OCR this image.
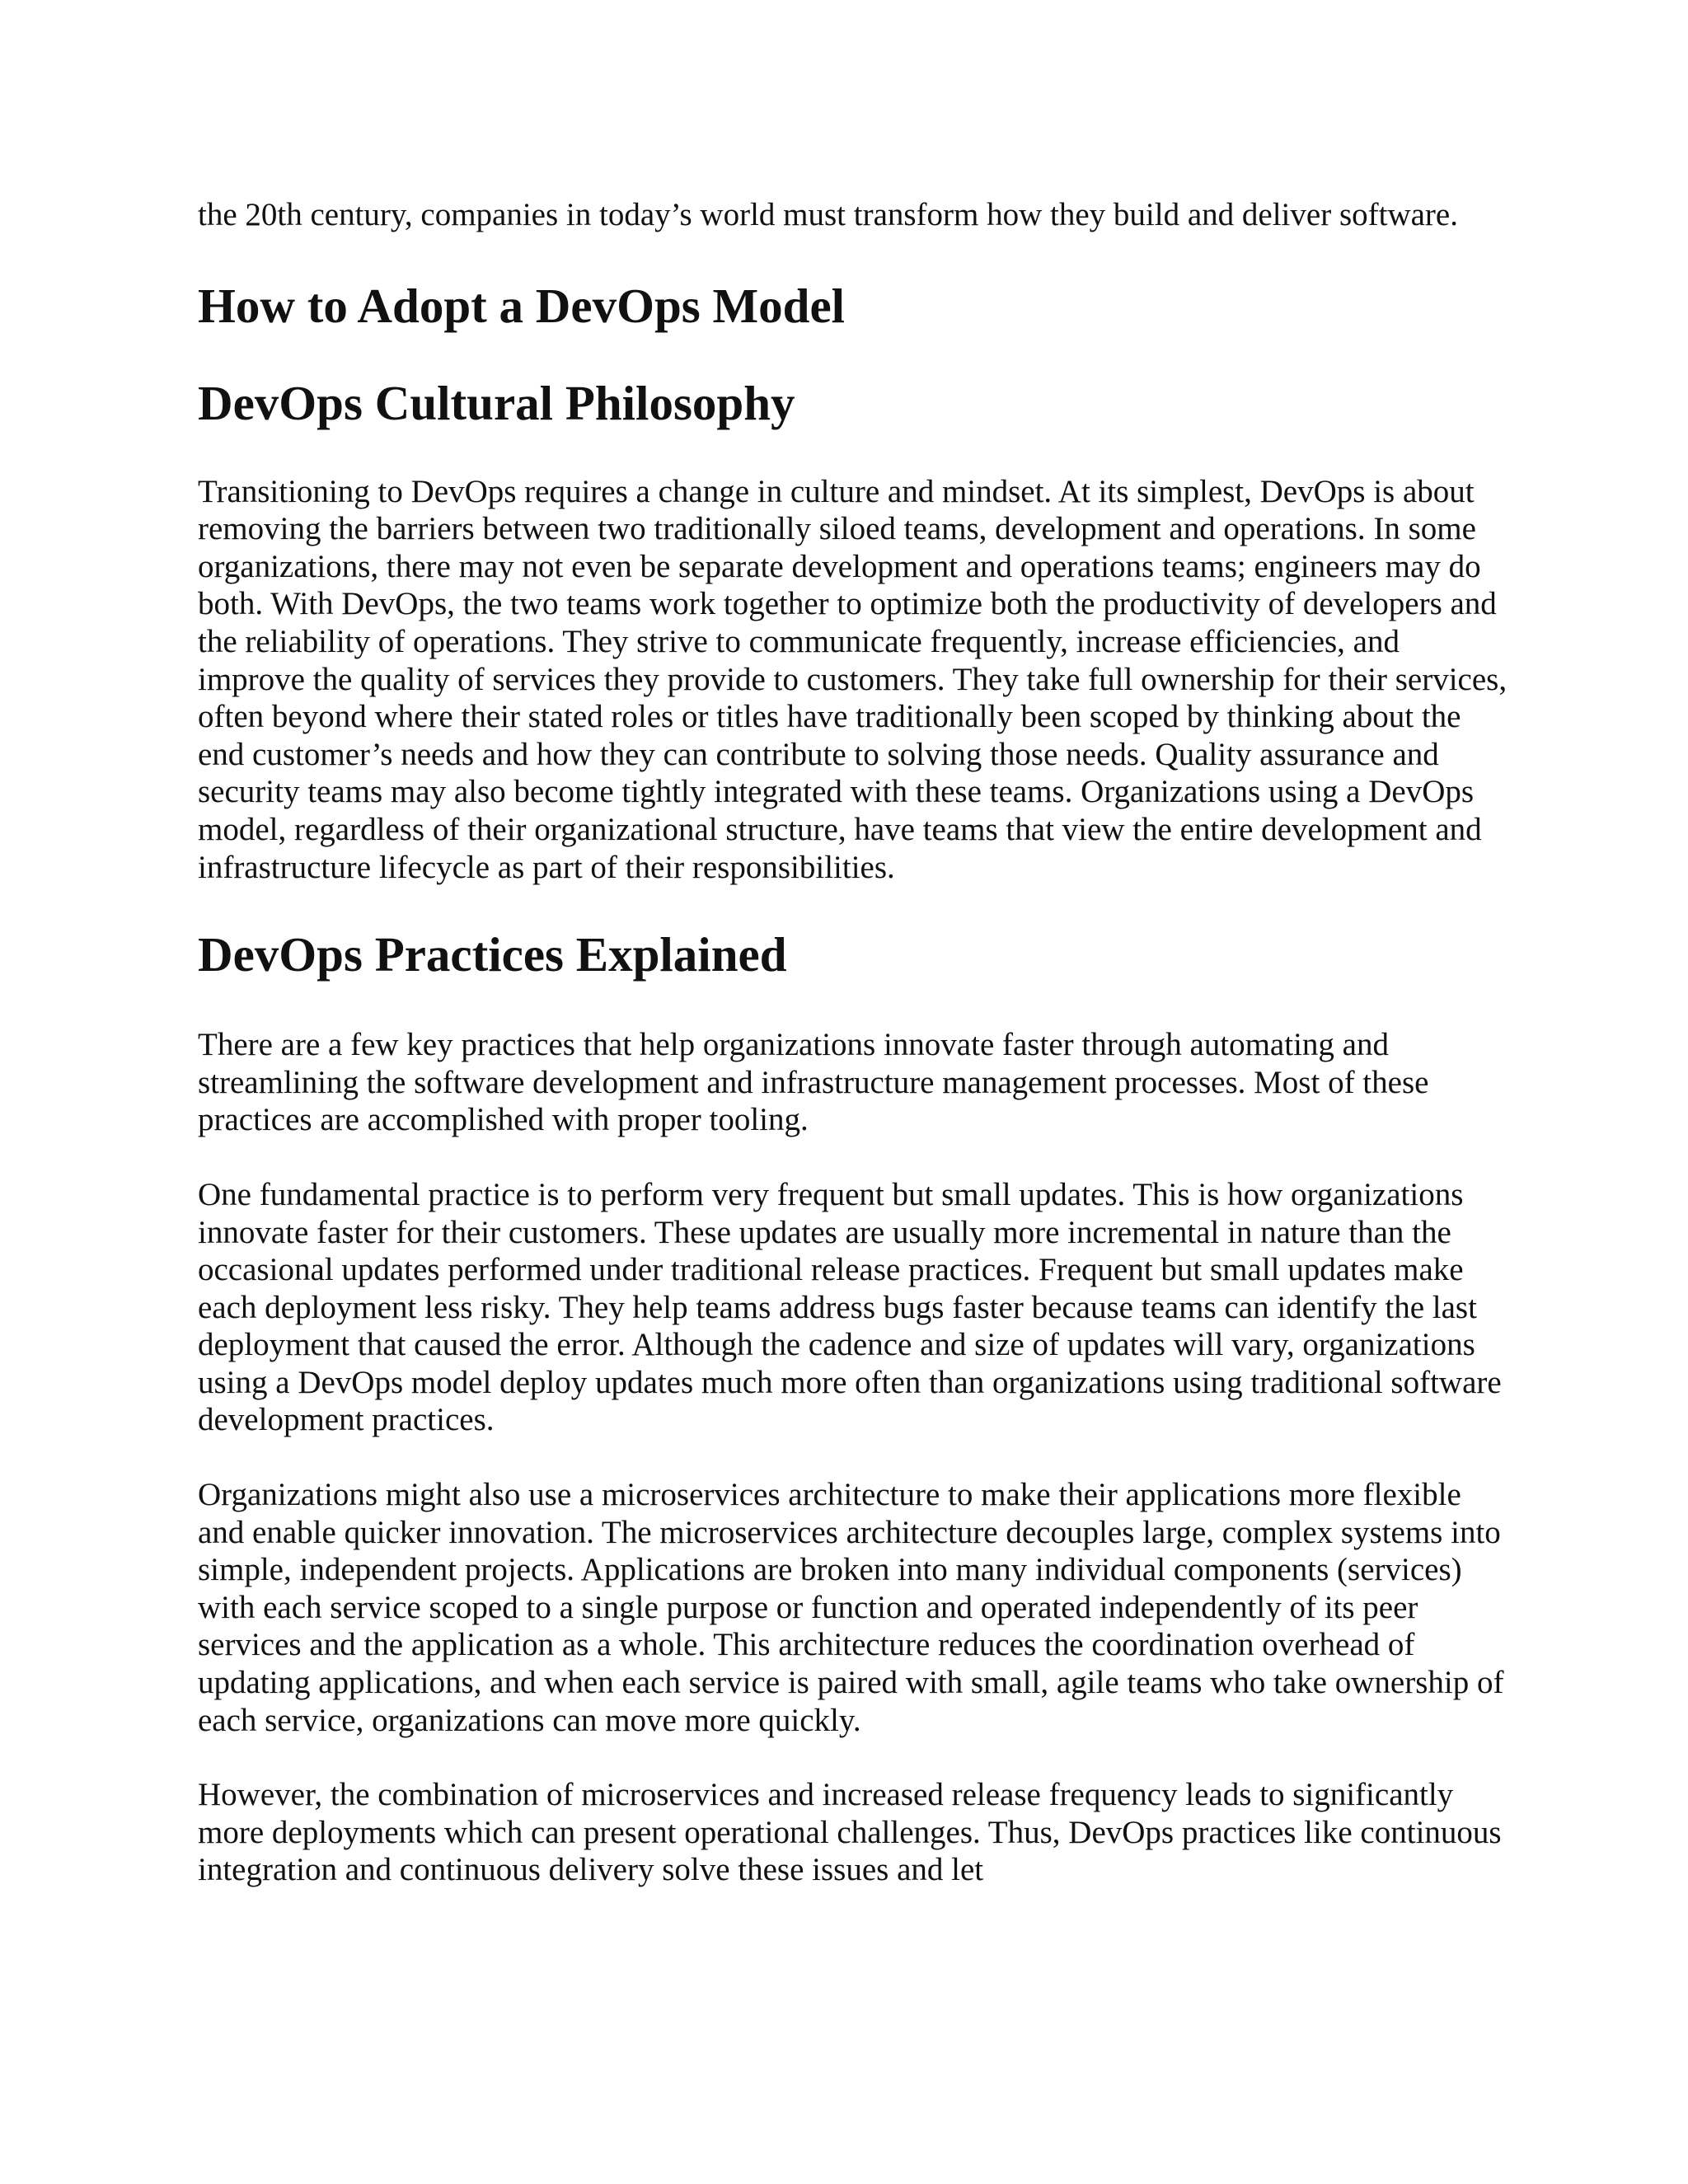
the 20th century, companies in today’s world must transform how they build and deliver software.

How to Adopt a DevOps Model
DevOps Cultural Philosophy

Transitioning to DevOps requires a change in culture and mindset. At its simplest, DevOps is about removing the barriers between two traditionally siloed teams, development and operations. In some organizations, there may not even be separate development and operations teams; engineers may do both. With DevOps, the two teams work together to optimize both the productivity of developers and the reliability of operations. They strive to communicate frequently, increase efficiencies, and improve the quality of services they provide to customers. They take full ownership for their services, often beyond where their stated roles or titles have traditionally been scoped by thinking about the end customer’s needs and how they can contribute to solving those needs. Quality assurance and security teams may also become tightly integrated with these teams. Organizations using a DevOps model, regardless of their organizational structure, have teams that view the entire development and infrastructure lifecycle as part of their responsibilities.

DevOps Practices Explained

There are a few key practices that help organizations innovate faster through automating and streamlining the software development and infrastructure management processes. Most of these practices are accomplished with proper tooling.

One fundamental practice is to perform very frequent but small updates. This is how organizations innovate faster for their customers. These updates are usually more incremental in nature than the occasional updates performed under traditional release practices. Frequent but small updates make each deployment less risky. They help teams address bugs faster because teams can identify the last deployment that caused the error. Although the cadence and size of updates will vary, organizations using a DevOps model deploy updates much more often than organizations using traditional software development practices.

Organizations might also use a microservices architecture to make their applications more flexible and enable quicker innovation. The microservices architecture decouples large, complex systems into simple, independent projects. Applications are broken into many individual components (services) with each service scoped to a single purpose or function and operated independently of its peer services and the application as a whole. This architecture reduces the coordination overhead of updating applications, and when each service is paired with small, agile teams who take ownership of each service, organizations can move more quickly.

However, the combination of microservices and increased release frequency leads to significantly more deployments which can present operational challenges. Thus, DevOps practices like continuous integration and continuous delivery solve these issues and let
